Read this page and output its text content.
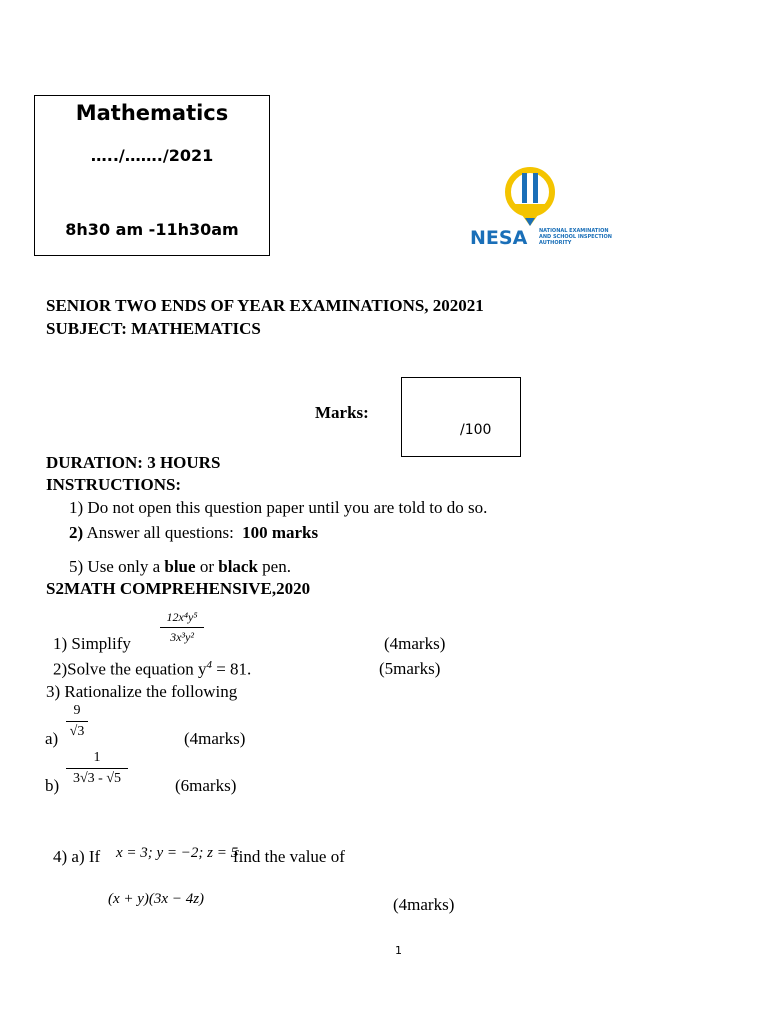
Mathematics
…../……./2021
8h30 am -11h30am	NESA NATIONAL EXAMINATION
AND SCHOOL INSPECTION
AUTHORITY
SENIOR TWO ENDS OF YEAR EXAMINATIONS, 202021
SUBJECT: MATHEMATICS
Marks:
/100
DURATION: 3 HOURS
INSTRUCTIONS:
1) Do not open this question paper until you are told to do so.
2) Answer all questions: 100 marks
5) Use only a blue or black pen.
S2MATH COMPREHENSIVE,2020
1) Simplify
12x⁴y⁵
3x³y²	(4marks)
2)Solve the equation $y^4 = 81$.	(5marks)
3) Rationalize the following
a)
9
√3	(4marks)
b)
1
3√3 - √5	(6marks)
4) a) If x = 3; y = −2; z = 5
find the value of
(x + y)(3x − 4z)	(4marks)
1
